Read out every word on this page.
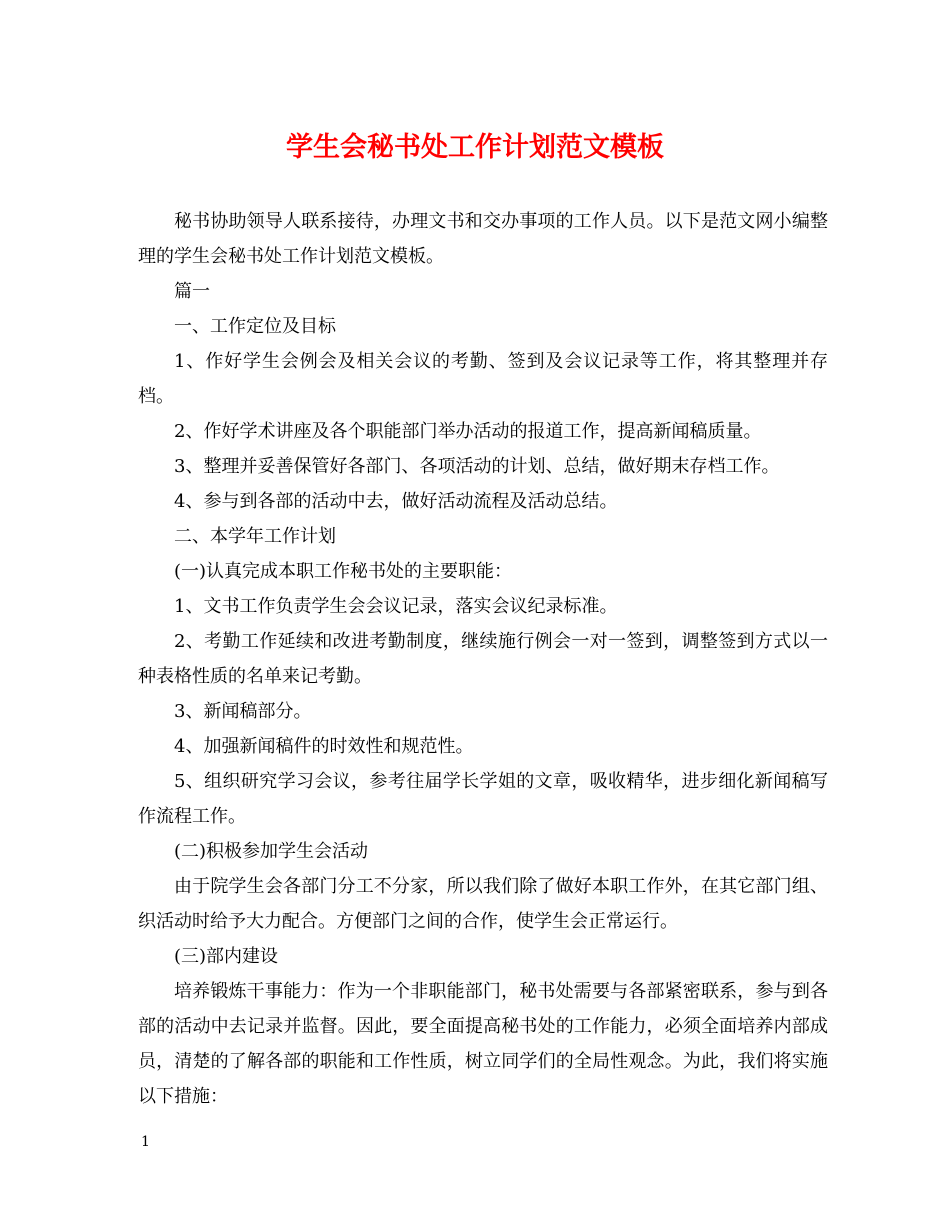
学生会秘书处工作计划范文模板

秘书协助领导人联系接待，办理文书和交办事项的工作人员。以下是范文网小编整理的学生会秘书处工作计划范文模板。

篇一

一、工作定位及目标

1、作好学生会例会及相关会议的考勤、签到及会议记录等工作，将其整理并存档。

2、作好学术讲座及各个职能部门举办活动的报道工作，提高新闻稿质量。

3、整理并妥善保管好各部门、各项活动的计划、总结，做好期末存档工作。

4、参与到各部的活动中去，做好活动流程及活动总结。

二、本学年工作计划

(一)认真完成本职工作秘书处的主要职能：

1、文书工作负责学生会会议记录，落实会议纪录标准。

2、考勤工作延续和改进考勤制度，继续施行例会一对一签到，调整签到方式以一种表格性质的名单来记考勤。

3、新闻稿部分。

4、加强新闻稿件的时效性和规范性。

5、组织研究学习会议，参考往届学长学姐的文章，吸收精华，进步细化新闻稿写作流程工作。

(二)积极参加学生会活动

由于院学生会各部门分工不分家，所以我们除了做好本职工作外，在其它部门组、织活动时给予大力配合。方便部门之间的合作，使学生会正常运行。

(三)部内建设

培养锻炼干事能力：作为一个非职能部门，秘书处需要与各部紧密联系，参与到各部的活动中去记录并监督。因此，要全面提高秘书处的工作能力，必须全面培养内部成员，清楚的了解各部的职能和工作性质，树立同学们的全局性观念。为此，我们将实施以下措施：

1
